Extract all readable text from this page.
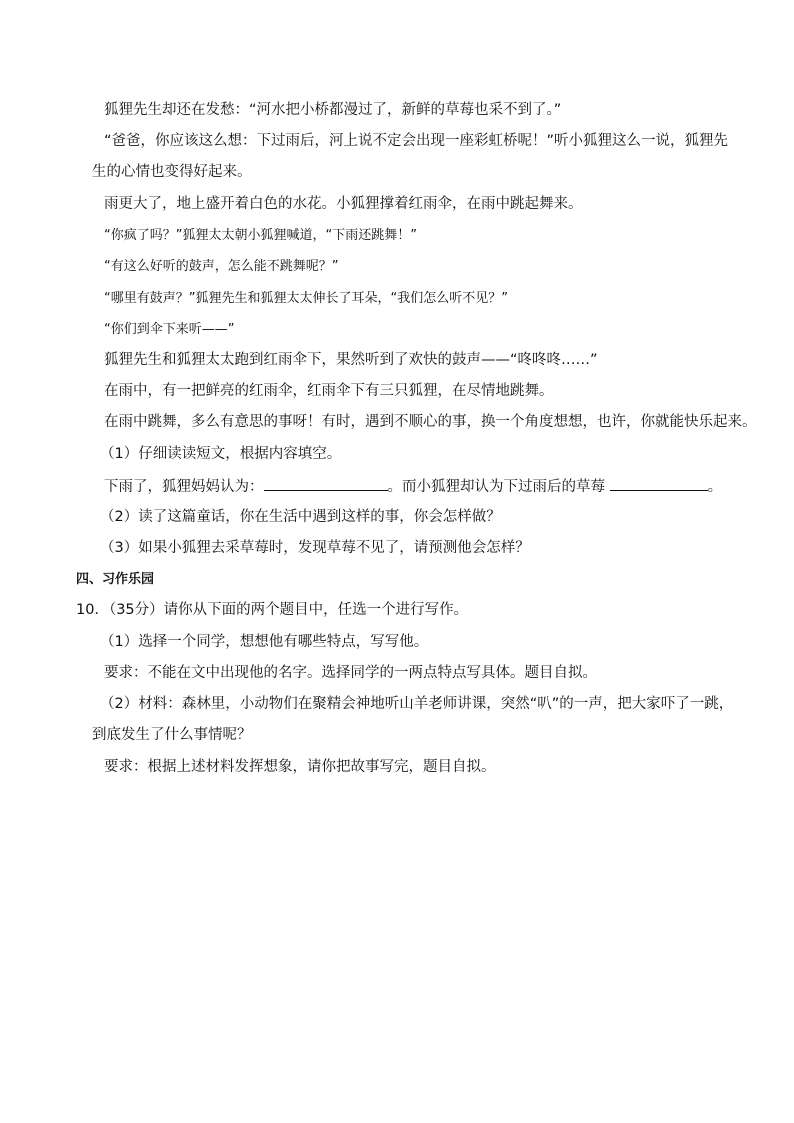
狐狸先生却还在发愁：“河水把小桥都漫过了，新鲜的草莓也采不到了。”
“爸爸，你应该这么想：下过雨后，河上说不定会出现一座彩虹桥呢！”听小狐狸这么一说，狐狸先
生的心情也变得好起来。
雨更大了，地上盛开着白色的水花。小狐狸撑着红雨伞，在雨中跳起舞来。
“你疯了吗？”狐狸太太朝小狐狸喊道，“下雨还跳舞！”
“有这么好听的鼓声，怎么能不跳舞呢？”
“哪里有鼓声？”狐狸先生和狐狸太太伸长了耳朵，“我们怎么听不见？”
“你们到伞下来听——”
狐狸先生和狐狸太太跑到红雨伞下，果然听到了欢快的鼓声——“咚咚咚……”
在雨中，有一把鲜亮的红雨伞，红雨伞下有三只狐狸，在尽情地跳舞。
在雨中跳舞，多么有意思的事呀！有时，遇到不顺心的事，换一个角度想想，也许，你就能快乐起来。
（1）仔细读读短文，根据内容填空。
下雨了，狐狸妈妈认为：	。而小狐狸却认为下过雨后的草莓	。
（2）读了这篇童话，你在生活中遇到这样的事，你会怎样做？
（3）如果小狐狸去采草莓时，发现草莓不见了，请预测他会怎样？
四、习作乐园
10．（35分）请你从下面的两个题目中，任选一个进行写作。
（1）选择一个同学，想想他有哪些特点，写写他。
要求：不能在文中出现他的名字。选择同学的一两点特点写具体。题目自拟。
（2）材料：森林里，小动物们在聚精会神地听山羊老师讲课，突然“叭”的一声，把大家吓了一跳，
到底发生了什么事情呢？
要求：根据上述材料发挥想象，请你把故事写完，题目自拟。
